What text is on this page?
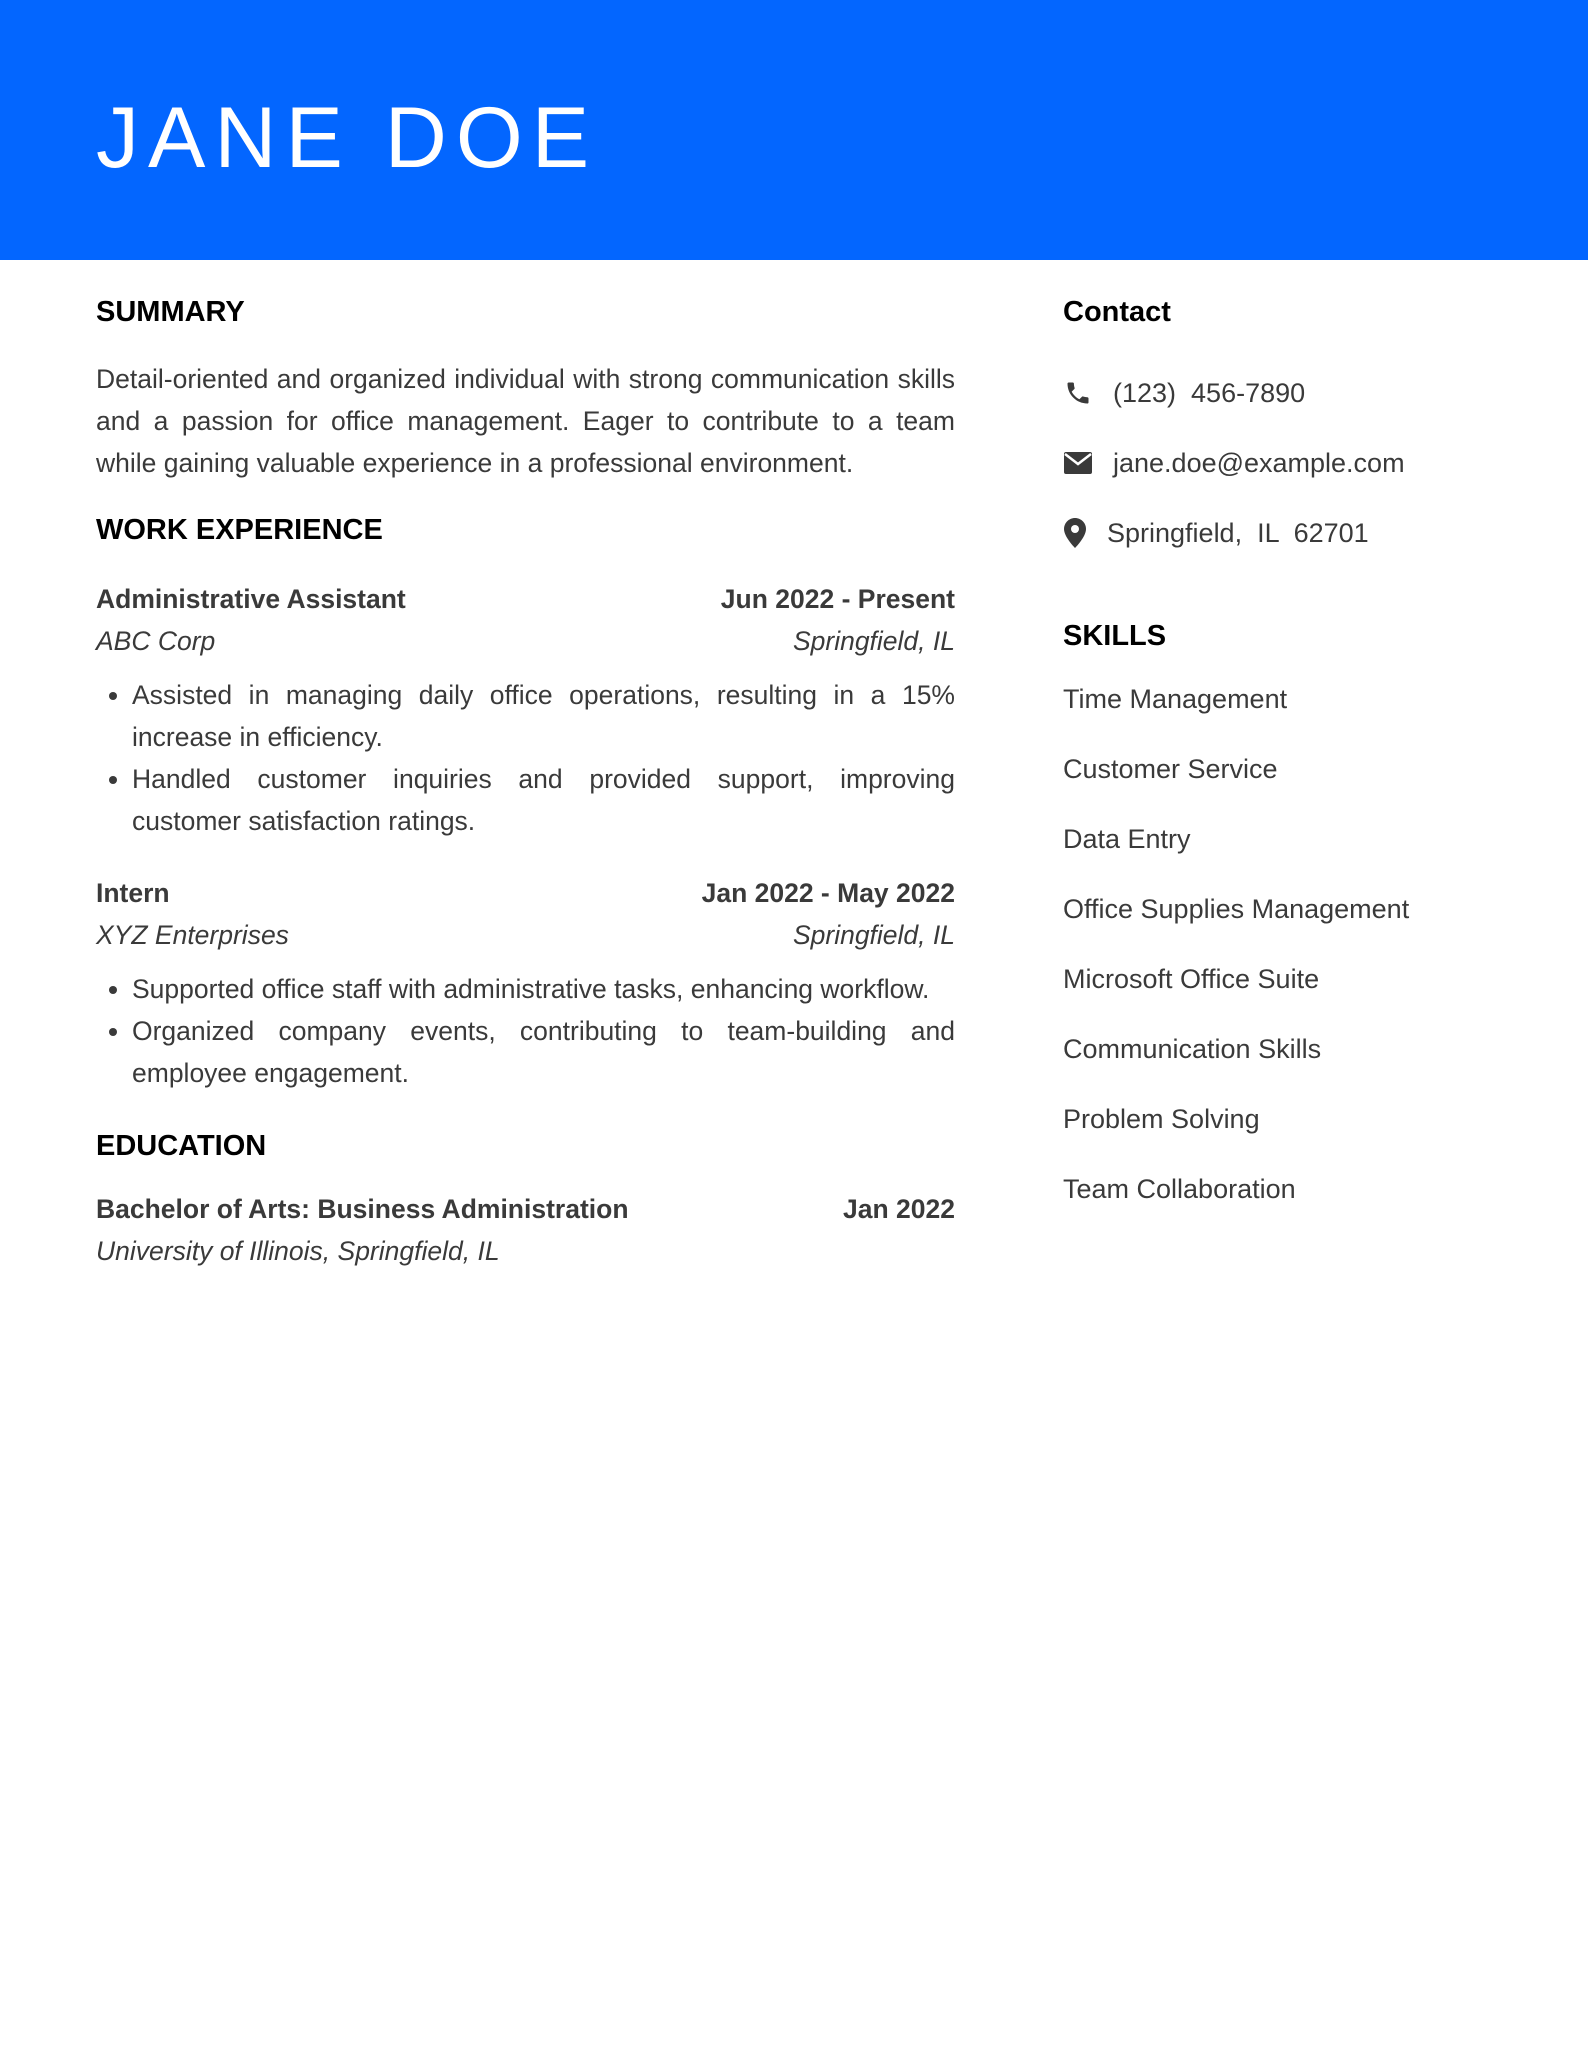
JANE DOE
SUMMARY

Detail-oriented and organized individual with strong communication skills and a passion for office management. Eager to contribute to a team while gaining valuable experience in a professional environment.

WORK EXPERIENCE
Administrative Assistant	Jun 2022 - Present
ABC Corp	Springfield, IL
• Assisted in managing daily office operations, resulting in a 15% increase in efficiency.
• Handled customer inquiries and provided support, improving customer satisfaction ratings.
Intern	Jan 2022 - May 2022
XYZ Enterprises	Springfield, IL
• Supported office staff with administrative tasks, enhancing workflow.
• Organized company events, contributing to team-building and employee engagement.
EDUCATION
Bachelor of Arts: Business Administration	Jan 2022
University of Illinois, Springfield, IL
Contact
(123)  456-7890
jane.doe@example.com
Springfield,  IL  62701
SKILLS
Time Management
Customer Service
Data Entry
Office Supplies Management
Microsoft Office Suite
Communication Skills
Problem Solving
Team Collaboration
